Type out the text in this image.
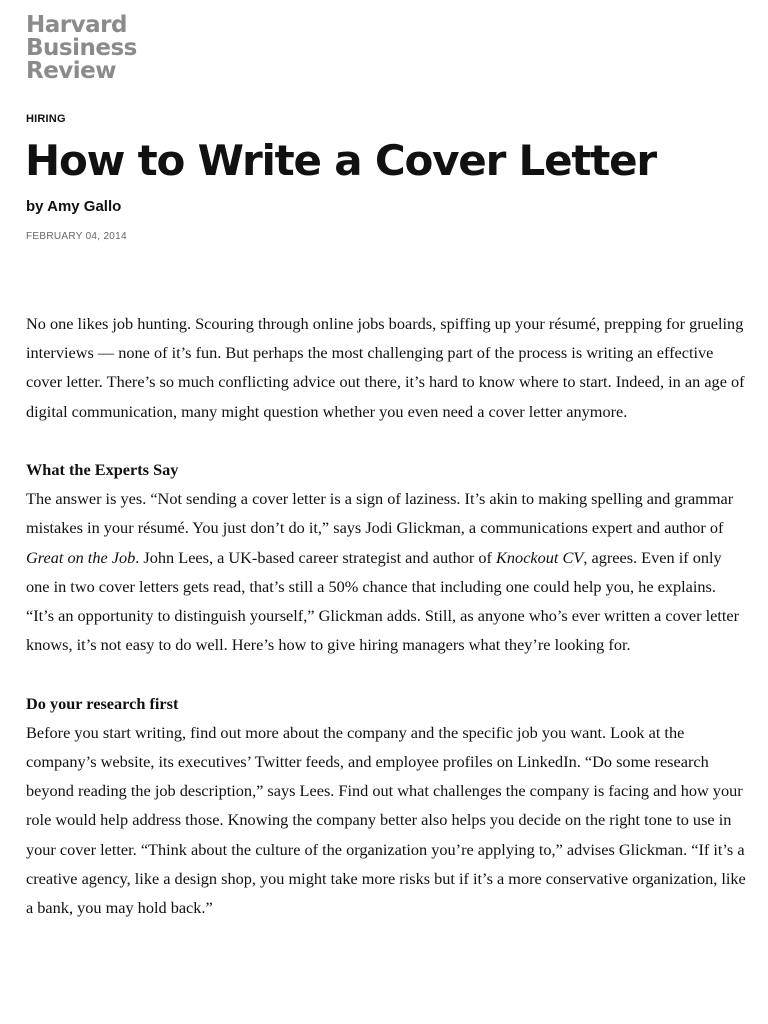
Harvard
Business
Review
HIRING
How to Write a Cover Letter
by Amy Gallo
FEBRUARY 04, 2014

No one likes job hunting. Scouring through online jobs boards, spiffing up your résumé, prepping for grueling interviews — none of it’s fun. But perhaps the most challenging part of the process is writing an effective cover letter. There’s so much conflicting advice out there, it’s hard to know where to start. Indeed, in an age of digital communication, many might question whether you even need a cover letter anymore.

What the Experts Say

The answer is yes. “Not sending a cover letter is a sign of laziness. It’s akin to making spelling and grammar mistakes in your résumé. You just don’t do it,” says Jodi Glickman, a communications expert and author of Great on the Job. John Lees, a UK-based career strategist and author of Knockout CV, agrees. Even if only one in two cover letters gets read, that’s still a 50% chance that including one could help you, he explains. “It’s an opportunity to distinguish yourself,” Glickman adds. Still, as anyone who’s ever written a cover letter knows, it’s not easy to do well. Here’s how to give hiring managers what they’re looking for.

Do your research first

Before you start writing, find out more about the company and the specific job you want. Look at the company’s website, its executives’ Twitter feeds, and employee profiles on LinkedIn. “Do some research beyond reading the job description,” says Lees. Find out what challenges the company is facing and how your role would help address those. Knowing the company better also helps you decide on the right tone to use in your cover letter. “Think about the culture of the organization you’re applying to,” advises Glickman. “If it’s a creative agency, like a design shop, you might take more risks but if it’s a more conservative organization, like a bank, you may hold back.”
